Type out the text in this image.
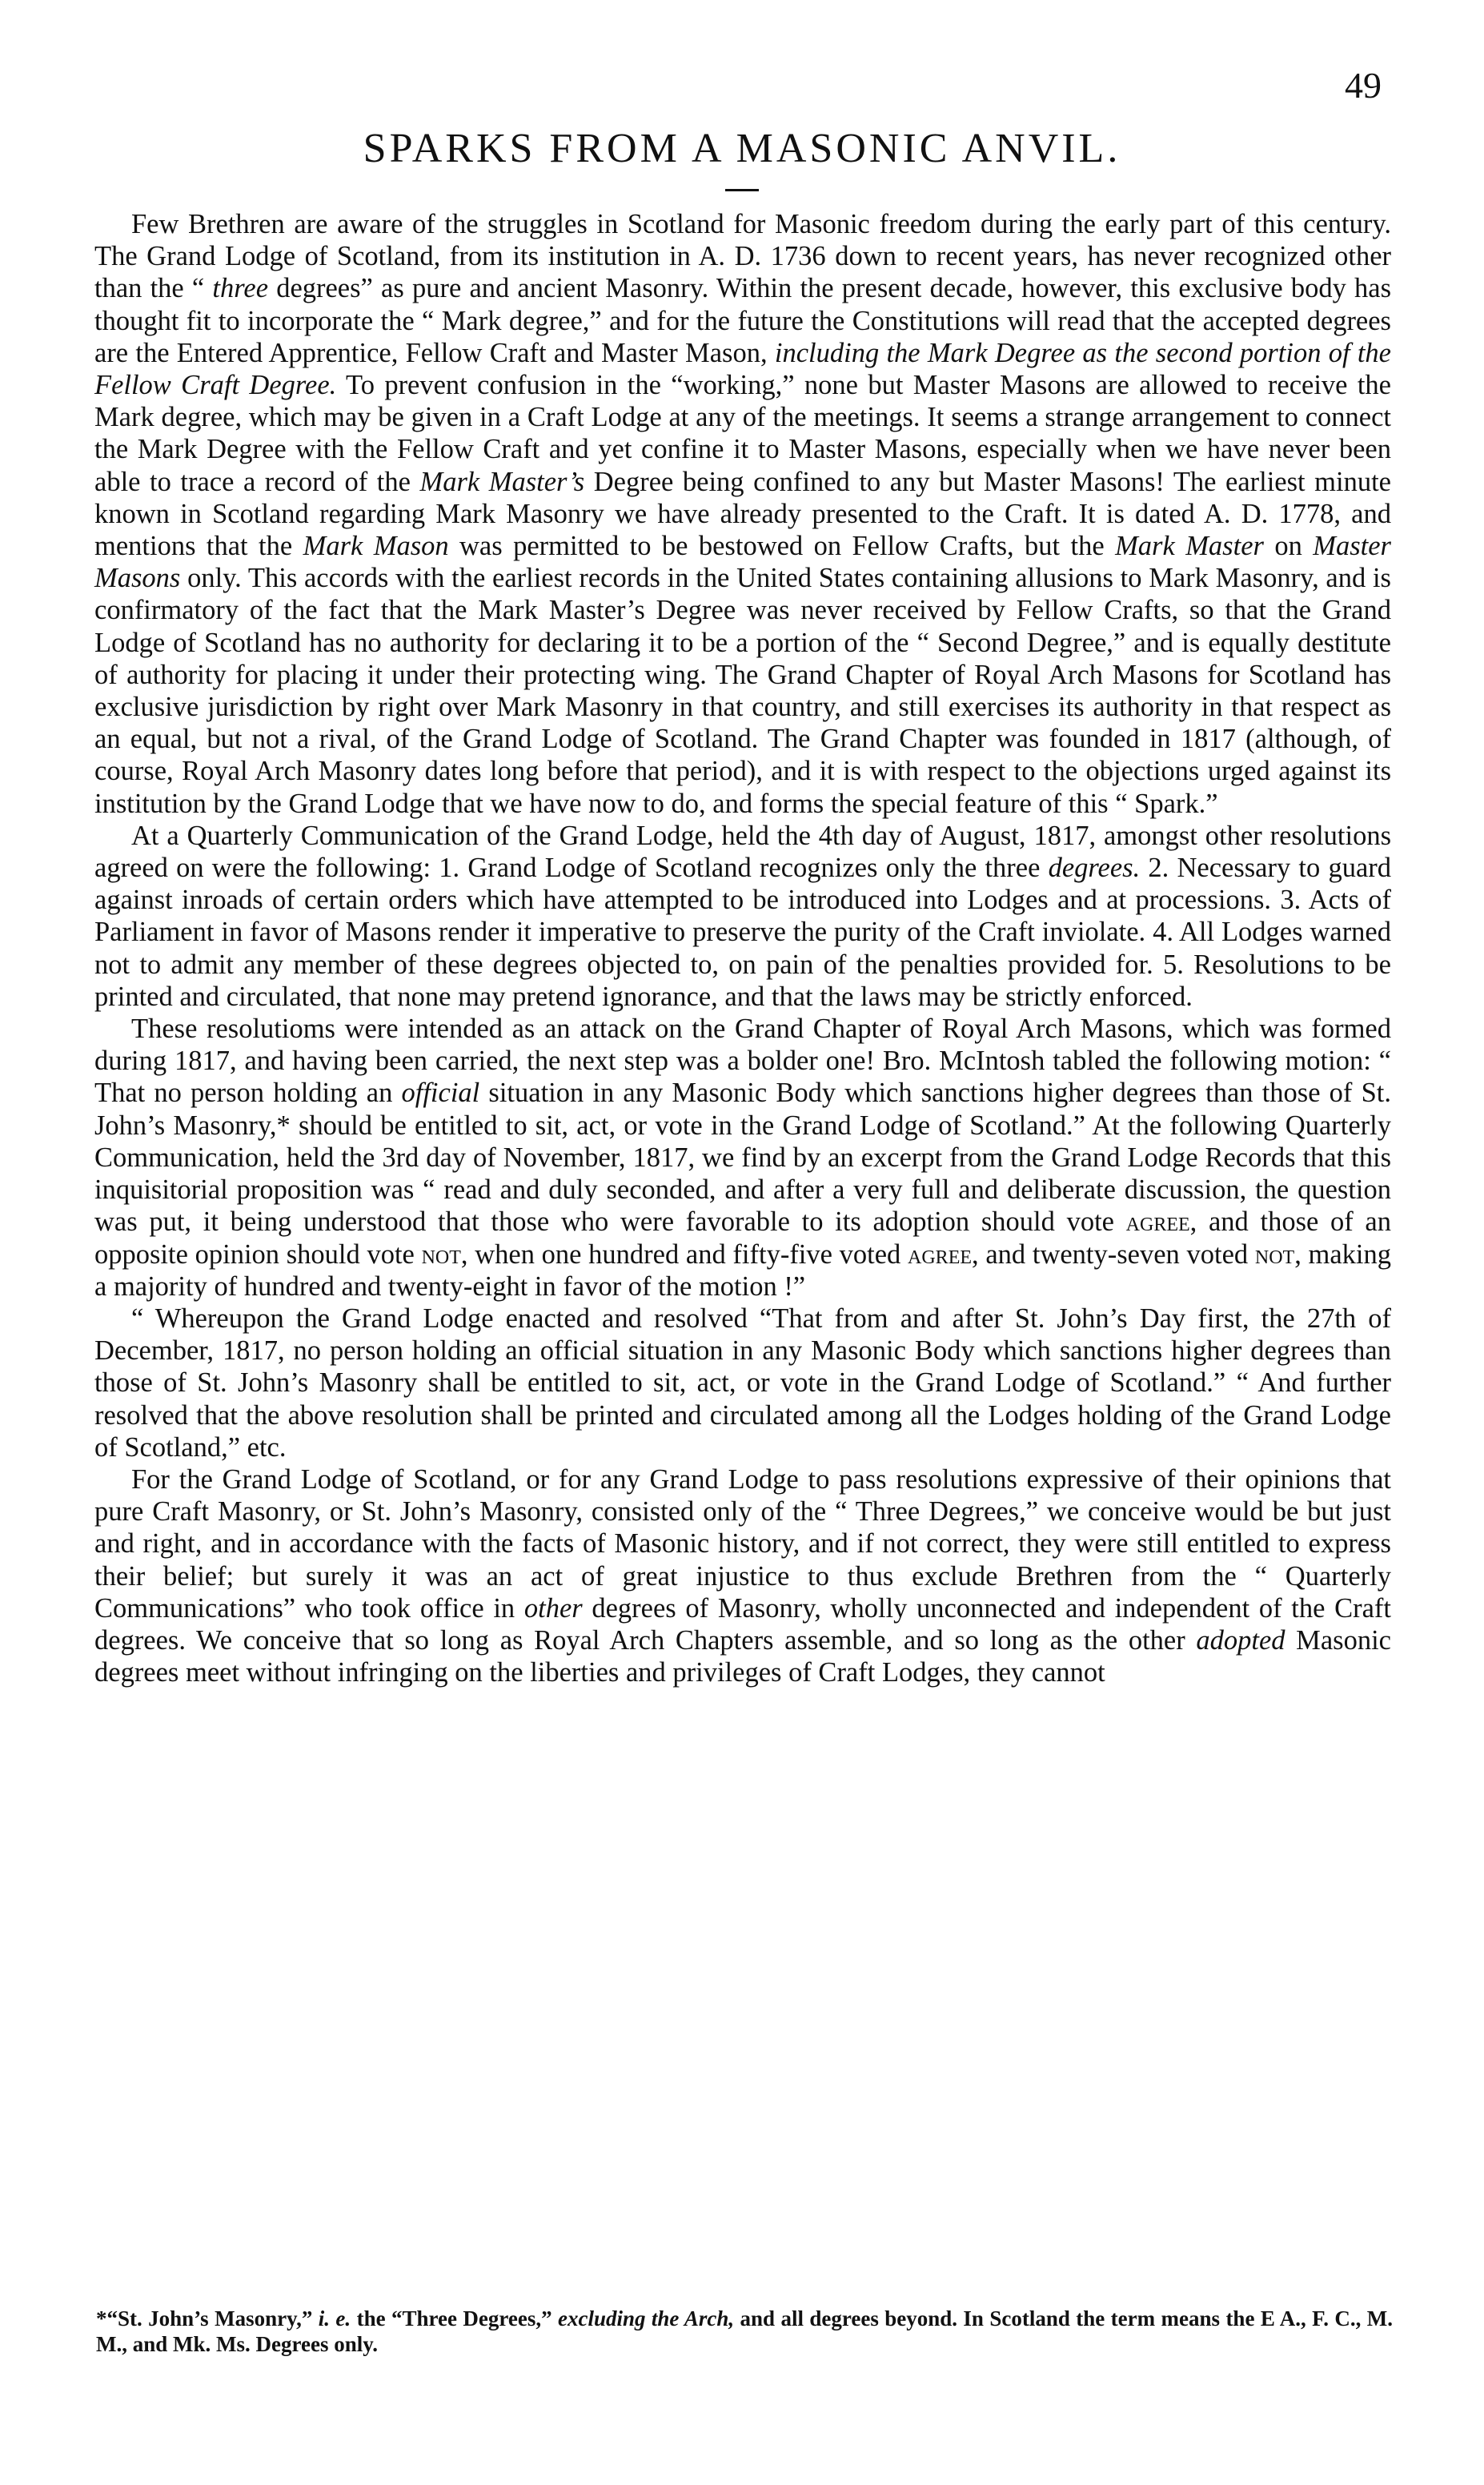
49
SPARKS FROM A MASONIC ANVIL.

Few Brethren are aware of the struggles in Scotland for Masonic freedom during the early part of this century. The Grand Lodge of Scotland, from its institution in A. D. 1736 down to recent years, has never recognized other than the “ three degrees” as pure and ancient Masonry. Within the present decade, however, this exclusive body has thought fit to incorporate the “ Mark degree,” and for the future the Constitutions will read that the accepted degrees are the Entered Apprentice, Fellow Craft and Master Mason, including the Mark Degree as the second portion of the Fellow Craft Degree. To prevent confusion in the “working,” none but Master Masons are allowed to receive the Mark degree, which may be given in a Craft Lodge at any of the meetings. It seems a strange arrangement to connect the Mark Degree with the Fellow Craft and yet confine it to Master Masons, especially when we have never been able to trace a record of the Mark Master’s Degree being confined to any but Master Masons! The earliest minute known in Scotland regarding Mark Masonry we have already presented to the Craft. It is dated A. D. 1778, and mentions that the Mark Mason was permitted to be bestowed on Fellow Crafts, but the Mark Master on Master Masons only. This accords with the earliest records in the United States containing allusions to Mark Masonry, and is confirmatory of the fact that the Mark Master’s Degree was never received by Fellow Crafts, so that the Grand Lodge of Scotland has no authority for declaring it to be a portion of the “ Second Degree,” and is equally destitute of authority for placing it under their protecting wing. The Grand Chapter of Royal Arch Masons for Scotland has exclusive jurisdiction by right over Mark Masonry in that country, and still exercises its authority in that respect as an equal, but not a rival, of the Grand Lodge of Scotland. The Grand Chapter was founded in 1817 (although, of course, Royal Arch Masonry dates long before that period), and it is with respect to the objections urged against its institution by the Grand Lodge that we have now to do, and forms the special feature of this “ Spark.”

At a Quarterly Communication of the Grand Lodge, held the 4th day of August, 1817, amongst other resolutions agreed on were the following: 1. Grand Lodge of Scotland recognizes only the three degrees. 2. Necessary to guard against inroads of certain orders which have attempted to be introduced into Lodges and at processions. 3. Acts of Parliament in favor of Masons render it imperative to preserve the purity of the Craft inviolate. 4. All Lodges warned not to admit any member of these degrees objected to, on pain of the penalties provided for. 5. Resolutions to be printed and circulated, that none may pretend ignorance, and that the laws may be strictly enforced.

These resolutioms were intended as an attack on the Grand Chapter of Royal Arch Masons, which was formed during 1817, and having been carried, the next step was a bolder one! Bro. McIntosh tabled the following motion: “ That no person holding an official situation in any Masonic Body which sanctions higher degrees than those of St. John’s Masonry,* should be entitled to sit, act, or vote in the Grand Lodge of Scotland.” At the following Quarterly Communication, held the 3rd day of November, 1817, we find by an excerpt from the Grand Lodge Records that this inquisitorial proposition was “ read and duly seconded, and after a very full and deliberate discussion, the question was put, it being understood that those who were favorable to its adoption should vote agree, and those of an opposite opinion should vote not, when one hundred and fifty-five voted agree, and twenty-seven voted not, making a majority of hundred and twenty-eight in favor of the motion !”

“ Whereupon the Grand Lodge enacted and resolved “That from and after St. John’s Day first, the 27th of December, 1817, no person holding an official situation in any Masonic Body which sanctions higher degrees than those of St. John’s Masonry shall be entitled to sit, act, or vote in the Grand Lodge of Scotland.” “ And further resolved that the above resolution shall be printed and circulated among all the Lodges holding of the Grand Lodge of Scotland,” etc.

For the Grand Lodge of Scotland, or for any Grand Lodge to pass resolutions expressive of their opinions that pure Craft Masonry, or St. John’s Masonry, consisted only of the “ Three Degrees,” we conceive would be but just and right, and in accordance with the facts of Masonic history, and if not correct, they were still entitled to express their belief; but surely it was an act of great injustice to thus exclude Brethren from the “ Quarterly Communications” who took office in other degrees of Masonry, wholly unconnected and independent of the Craft degrees. We conceive that so long as Royal Arch Chapters assemble, and so long as the other adopted Masonic degrees meet without infringing on the liberties and privileges of Craft Lodges, they cannot

*“St. John’s Masonry,” i. e. the “Three Degrees,” excluding the Arch, and all degrees beyond. In Scotland the term means the E A., F. C., M. M., and Mk. Ms. Degrees only.
